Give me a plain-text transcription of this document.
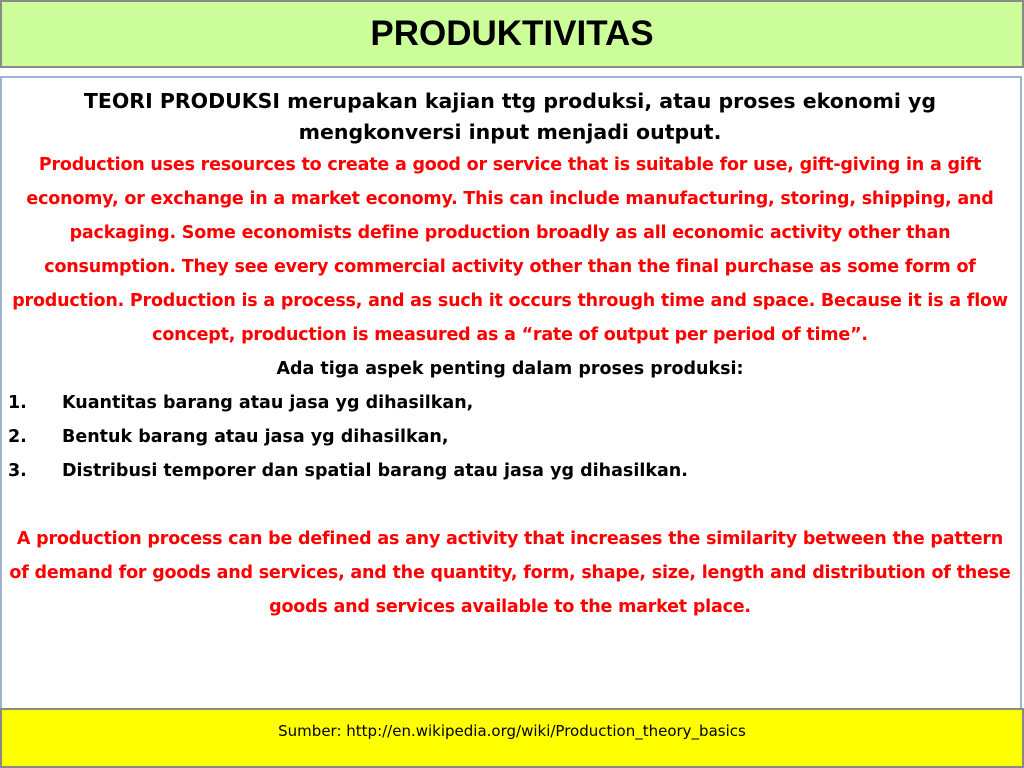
PRODUKTIVITAS

TEORI PRODUKSI merupakan kajian ttg produksi, atau proses ekonomi yg mengkonversi input menjadi output.

Production uses resources to create a good or service that is suitable for use, gift-giving in a gift economy, or exchange in a market economy. This can include manufacturing, storing, shipping, and packaging. Some economists define production broadly as all economic activity other than consumption. They see every commercial activity other than the final purchase as some form of production. Production is a process, and as such it occurs through time and space. Because it is a flow concept, production is measured as a “rate of output per period of time”.

Ada tiga aspek penting dalam proses produksi:

1.	Kuantitas barang atau jasa yg dihasilkan,
2.	Bentuk barang atau jasa yg dihasilkan,
3.	Distribusi temporer dan spatial barang atau jasa yg dihasilkan.

A production process can be defined as any activity that increases the similarity between the pattern of demand for goods and services, and the quantity, form, shape, size, length and distribution of these goods and services available to the market place.

Sumber: http://en.wikipedia.org/wiki/Production_theory_basics
